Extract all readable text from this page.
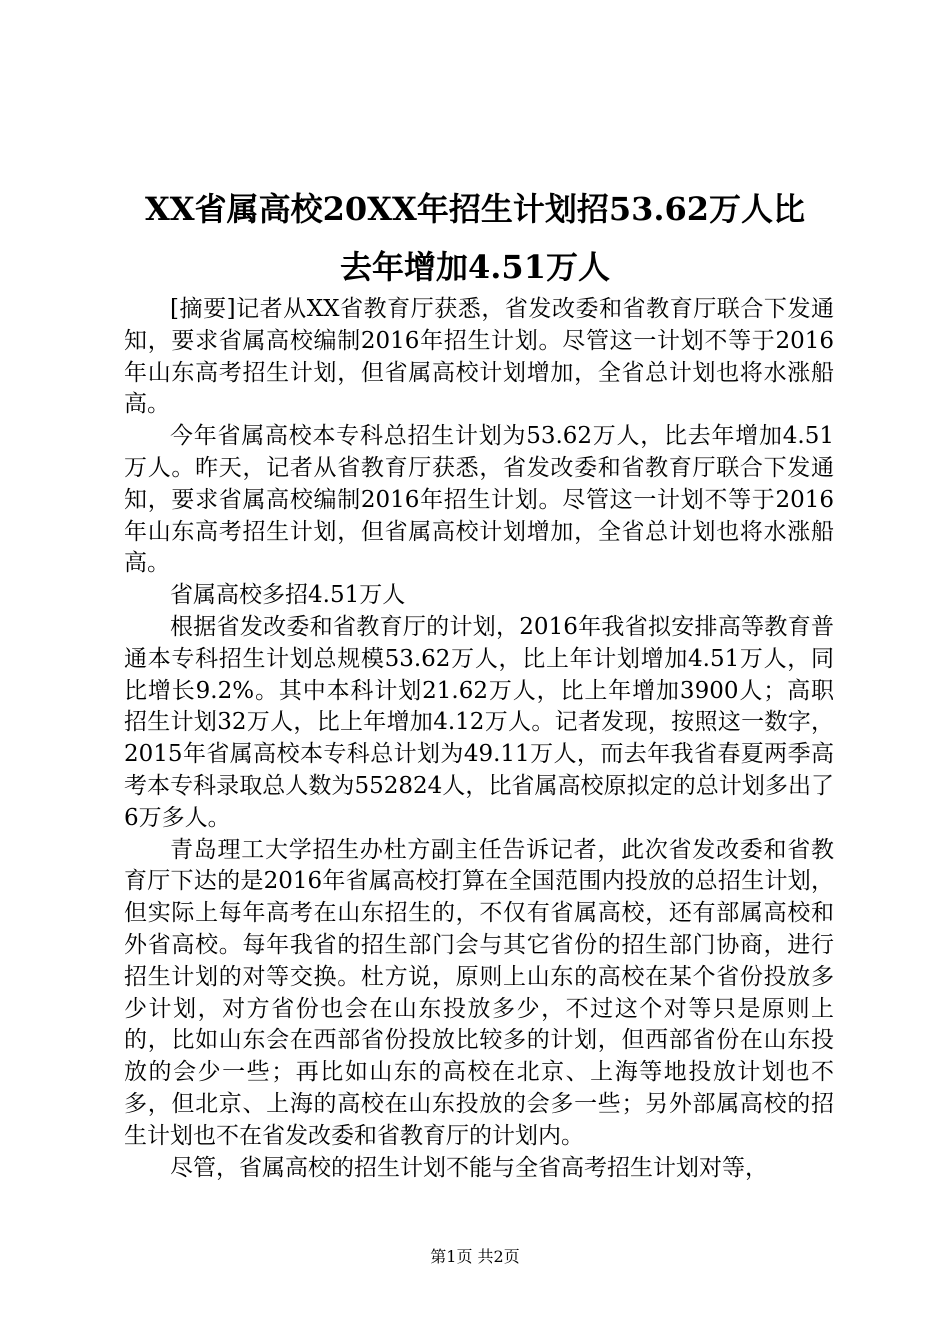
XX省属高校20XX年招生计划招53.62万人比
去年增加4.51万人

[摘要]记者从XX省教育厅获悉，省发改委和省教育厅联合下发通知，要求省属高校编制2016年招生计划。尽管这一计划不等于2016年山东高考招生计划，但省属高校计划增加，全省总计划也将水涨船高。

今年省属高校本专科总招生计划为53.62万人，比去年增加4.51万人。昨天，记者从省教育厅获悉，省发改委和省教育厅联合下发通知，要求省属高校编制2016年招生计划。尽管这一计划不等于2016年山东高考招生计划，但省属高校计划增加，全省总计划也将水涨船高。

省属高校多招4.51万人

根据省发改委和省教育厅的计划，2016年我省拟安排高等教育普通本专科招生计划总规模53.62万人，比上年计划增加4.51万人，同比增长9.2%。其中本科计划21.62万人，比上年增加3900人；高职招生计划32万人，比上年增加4.12万人。记者发现，按照这一数字，2015年省属高校本专科总计划为49.11万人，而去年我省春夏两季高考本专科录取总人数为552824人，比省属高校原拟定的总计划多出了6万多人。

青岛理工大学招生办杜方副主任告诉记者，此次省发改委和省教育厅下达的是2016年省属高校打算在全国范围内投放的总招生计划，但实际上每年高考在山东招生的，不仅有省属高校，还有部属高校和外省高校。每年我省的招生部门会与其它省份的招生部门协商，进行招生计划的对等交换。杜方说，原则上山东的高校在某个省份投放多少计划，对方省份也会在山东投放多少，不过这个对等只是原则上的，比如山东会在西部省份投放比较多的计划，但西部省份在山东投放的会少一些；再比如山东的高校在北京、上海等地投放计划也不多，但北京、上海的高校在山东投放的会多一些；另外部属高校的招生计划也不在省发改委和省教育厅的计划内。

尽管，省属高校的招生计划不能与全省高考招生计划对等，

第1页 共2页
